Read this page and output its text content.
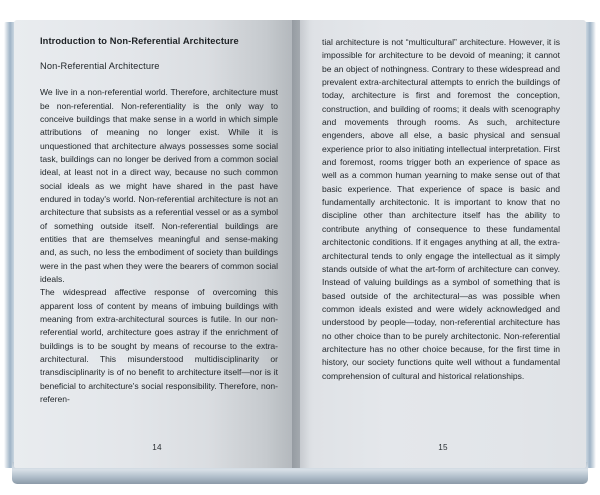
Introduction to Non-Referential Architecture
Non-Referential Architecture

We live in a non-referential world. Therefore, architecture must be non-referential. Non-referentiality is the only way to conceive buildings that make sense in a world in which simple attributions of meaning no longer exist. While it is unquestioned that architecture always possesses some social task, buildings can no longer be derived from a common social ideal, at least not in a direct way, because no such common social ideals as we might have shared in the past have endured in today's world. Non-referential architecture is not an architecture that subsists as a referential vessel or as a symbol of something outside itself. Non-referential buildings are entities that are themselves meaningful and sense-making and, as such, no less the embodiment of society than buildings were in the past when they were the bearers of common social ideals.

The widespread affective response of overcoming this apparent loss of content by means of imbuing buildings with meaning from extra-architectural sources is futile. In our non-referential world, architecture goes astray if the enrichment of buildings is to be sought by means of recourse to the extra-architectural. This misunderstood multidisciplinarity or transdisciplinarity is of no benefit to architecture itself—nor is it beneficial to architecture's social responsibility. Therefore, non-referen-

14

tial architecture is not “multicultural” architecture. However, it is impossible for architecture to be devoid of meaning; it cannot be an object of nothingness. Contrary to these widespread and prevalent extra-architectural attempts to enrich the buildings of today, architecture is first and foremost the conception, construction, and building of rooms; it deals with scenography and movements through rooms. As such, architecture engenders, above all else, a basic physical and sensual experience prior to also initiating intellectual interpretation. First and foremost, rooms trigger both an experience of space as well as a common human yearning to make sense out of that basic experience. That experience of space is basic and fundamentally architectonic. It is important to know that no discipline other than architecture itself has the ability to contribute anything of consequence to these fundamental architectonic conditions. If it engages anything at all, the extra-architectural tends to only engage the intellectual as it simply stands outside of what the art-form of architecture can convey. Instead of valuing buildings as a symbol of something that is based outside of the architectural—as was possible when common ideals existed and were widely acknowledged and understood by people—today, non-referential architecture has no other choice than to be purely architectonic. Non-referential architecture has no other choice because, for the first time in history, our society functions quite well without a fundamental comprehension of cultural and historical relationships.

15
